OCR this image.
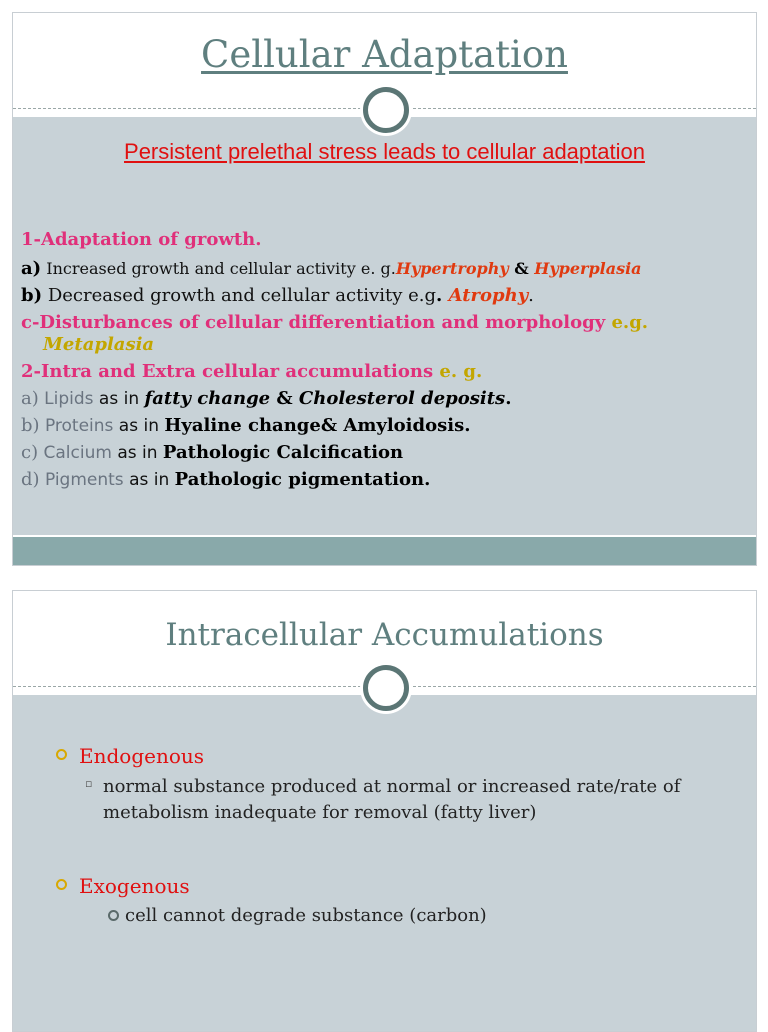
Cellular Adaptation

Persistent prelethal stress leads to cellular adaptation

1-Adaptation of growth.
a) Increased growth and cellular activity e. g.Hypertrophy & Hyperplasia
b) Decreased growth and cellular activity e.g. Atrophy.
c-Disturbances of cellular differentiation and morphology e.g.
Metaplasia
2-Intra and Extra cellular accumulations e. g.
a) Lipids as in fatty change & Cholesterol deposits.
b) Proteins as in Hyaline change& Amyloidosis.
c) Calcium as in Pathologic Calcification
d) Pigments as in Pathologic pigmentation.
Intracellular Accumulations
Endogenous
▫ normal substance produced at normal or increased rate/rate of metabolism inadequate for removal (fatty liver)
Exogenous
cell cannot degrade substance (carbon)
